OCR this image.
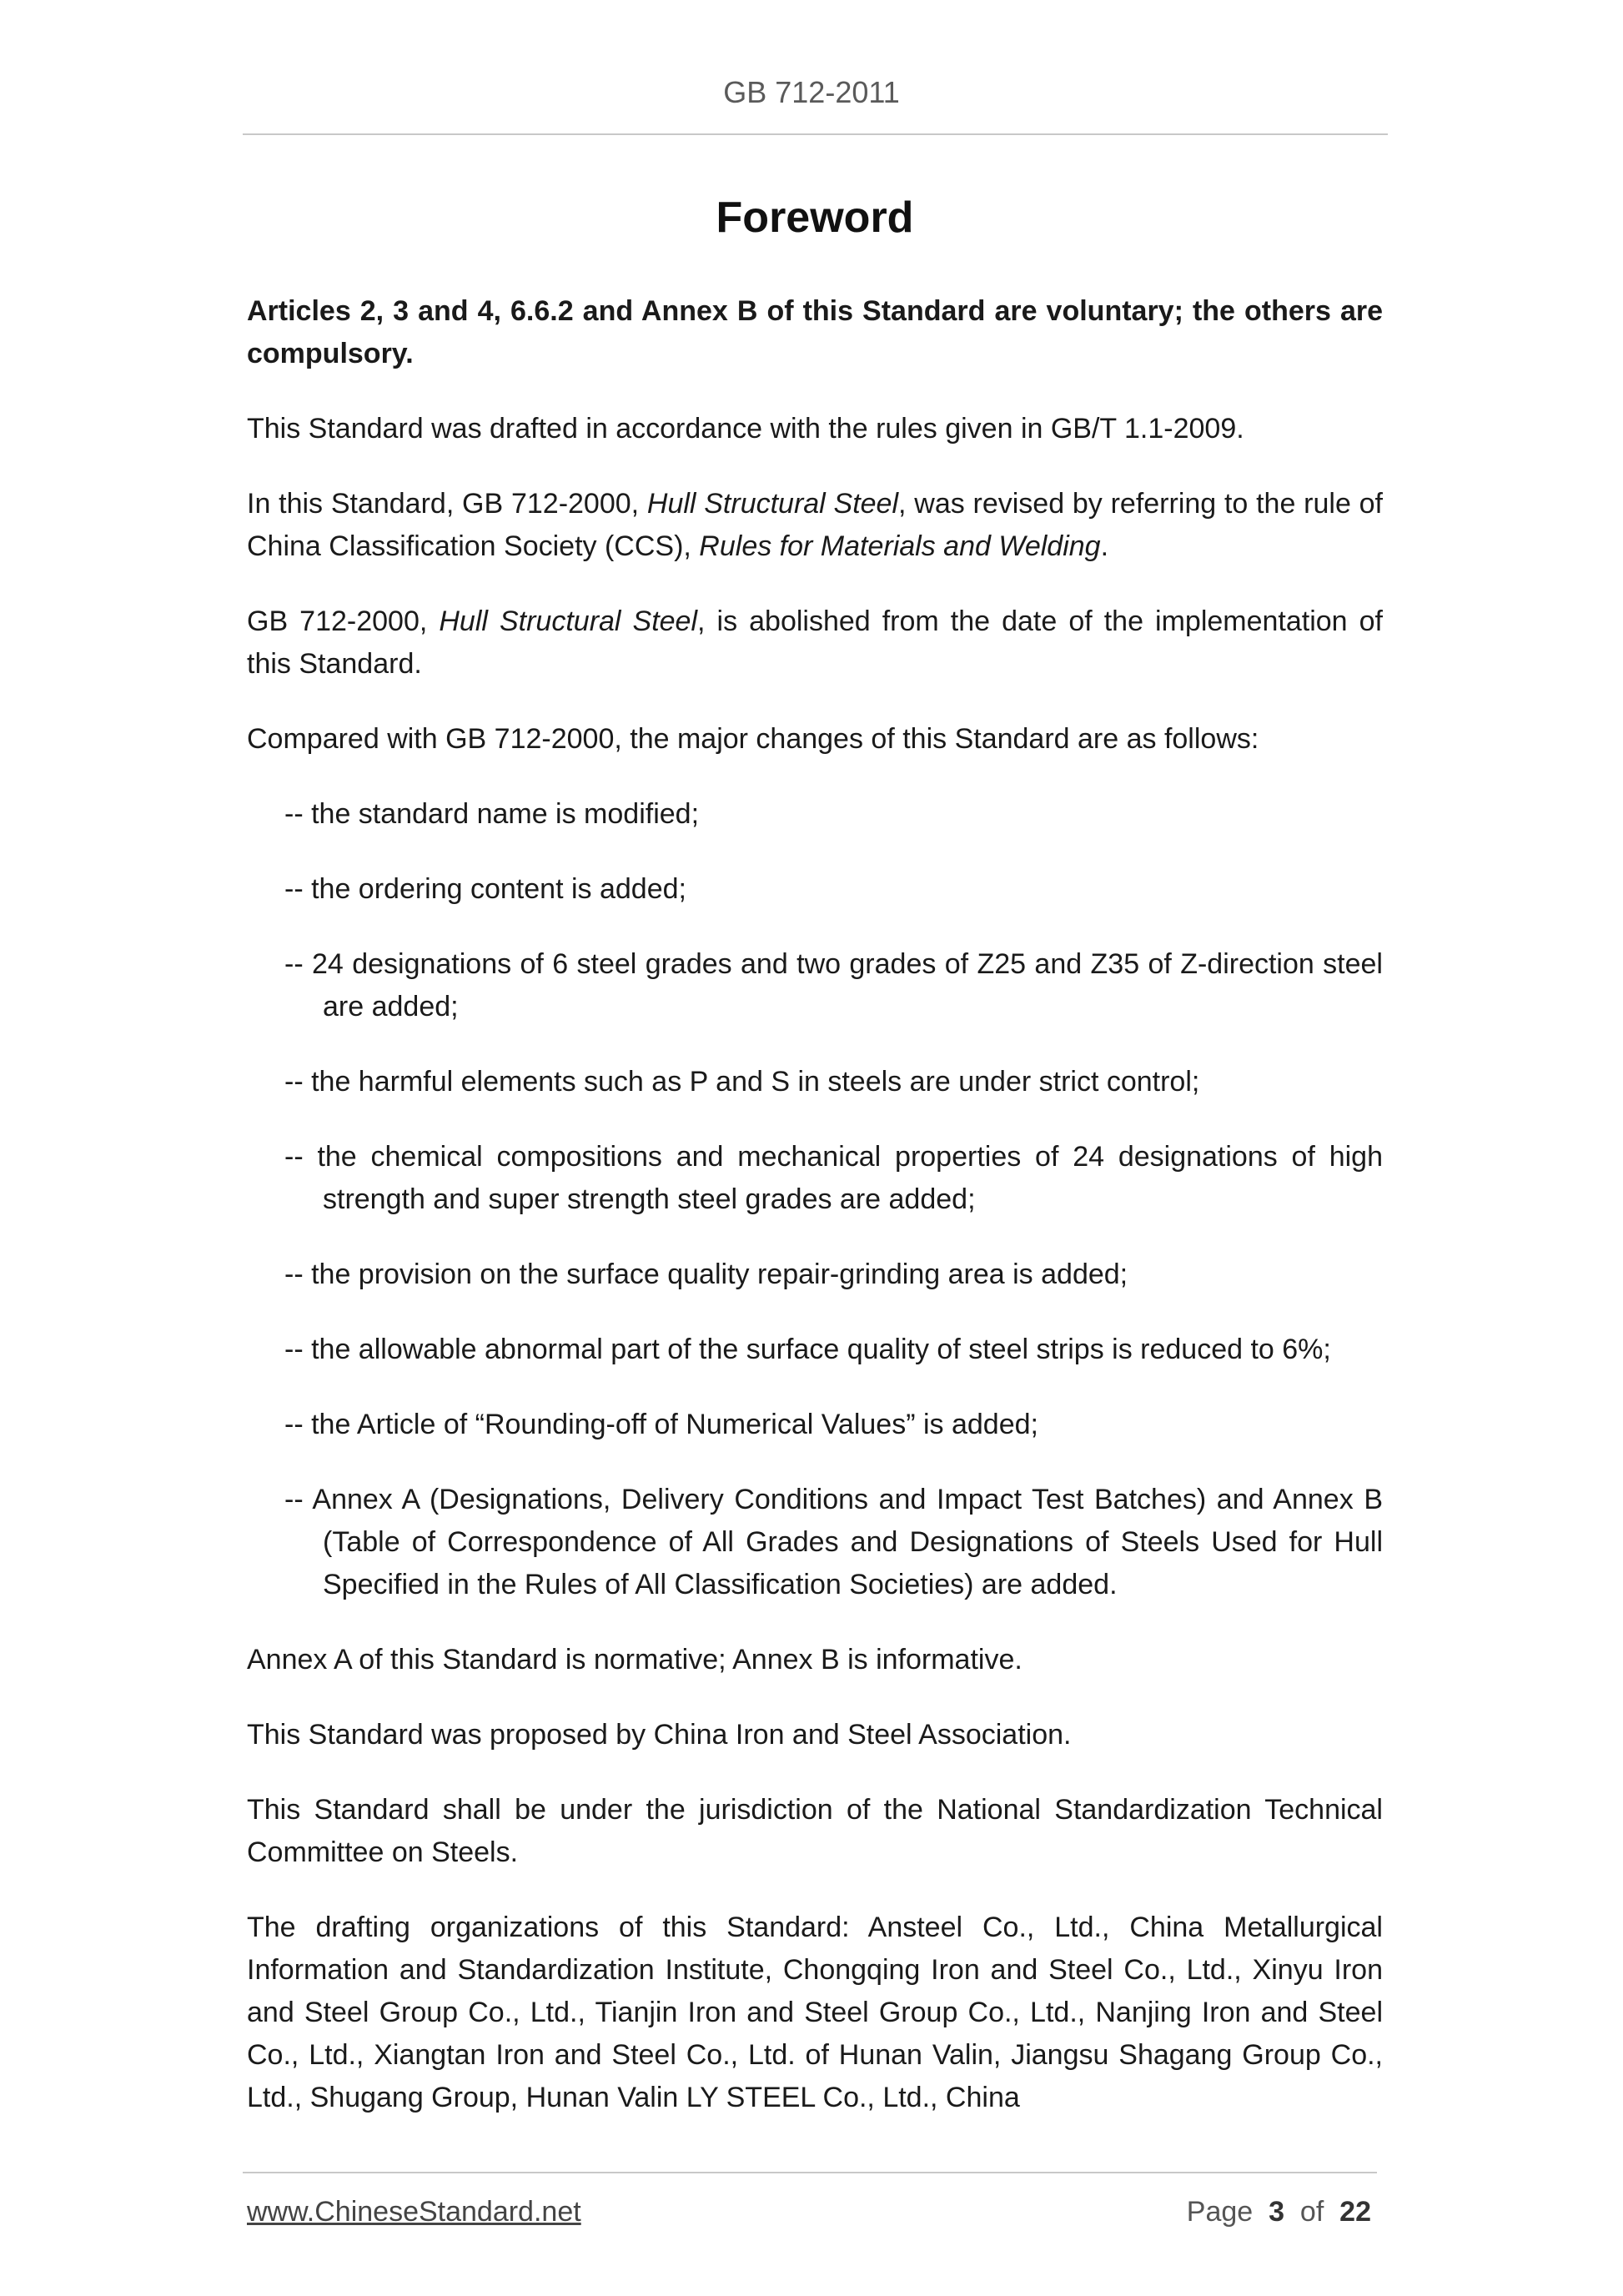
GB 712-2011
Foreword

Articles 2, 3 and 4, 6.6.2 and Annex B of this Standard are voluntary; the others are compulsory.

This Standard was drafted in accordance with the rules given in GB/T 1.1-2009.

In this Standard, GB 712-2000, Hull Structural Steel, was revised by referring to the rule of China Classification Society (CCS), Rules for Materials and Welding.

GB 712-2000, Hull Structural Steel, is abolished from the date of the implementation of this Standard.

Compared with GB 712-2000, the major changes of this Standard are as follows:

-- the standard name is modified;
-- the ordering content is added;
-- 24 designations of 6 steel grades and two grades of Z25 and Z35 of Z-direction steel are added;
-- the harmful elements such as P and S in steels are under strict control;
-- the chemical compositions and mechanical properties of 24 designations of high strength and super strength steel grades are added;
-- the provision on the surface quality repair-grinding area is added;
-- the allowable abnormal part of the surface quality of steel strips is reduced to 6%;
-- the Article of “Rounding-off of Numerical Values” is added;
-- Annex A (Designations, Delivery Conditions and Impact Test Batches) and Annex B (Table of Correspondence of All Grades and Designations of Steels Used for Hull Specified in the Rules of All Classification Societies) are added.

Annex A of this Standard is normative; Annex B is informative.

This Standard was proposed by China Iron and Steel Association.

This Standard shall be under the jurisdiction of the National Standardization Technical Committee on Steels.

The drafting organizations of this Standard: Ansteel Co., Ltd., China Metallurgical Information and Standardization Institute, Chongqing Iron and Steel Co., Ltd., Xinyu Iron and Steel Group Co., Ltd., Tianjin Iron and Steel Group Co., Ltd., Nanjing Iron and Steel Co., Ltd., Xiangtan Iron and Steel Co., Ltd. of Hunan Valin, Jiangsu Shagang Group Co., Ltd., Shugang Group, Hunan Valin LY STEEL Co., Ltd., China

www.ChineseStandard.net	Page 3 of 22
